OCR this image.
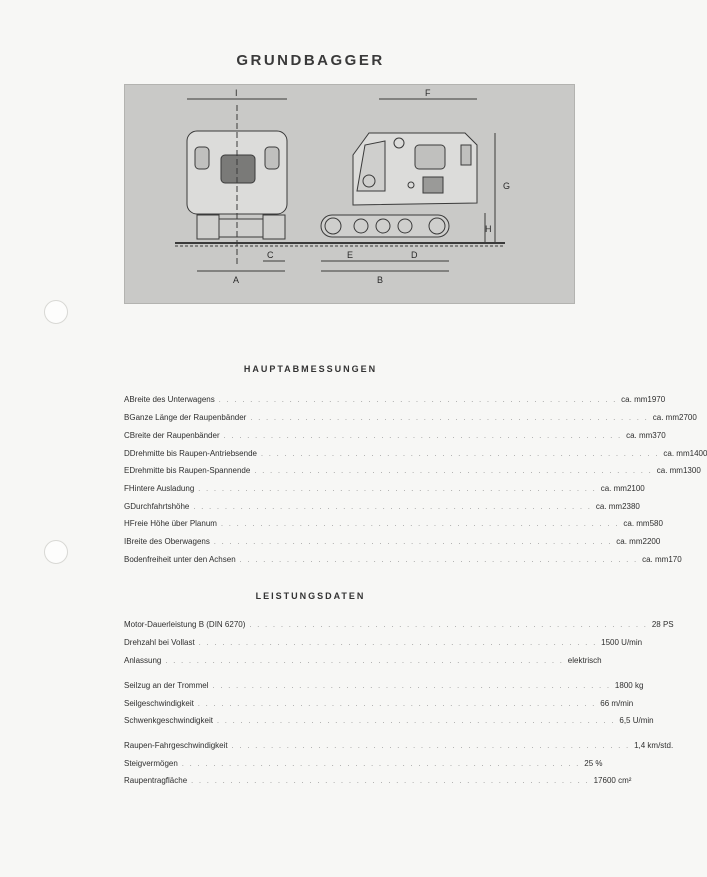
GRUNDBAGGER
I	F
G
H
C	E	D
A	B
HAUPTABMESSUNGEN
A Breite des Unterwagens . . . . . . . . . . . . . . . . . . . . . . . . . . . . . . . . . . . . . . . . . . . . . . . . . . . ca. mm 1970
B Ganze Länge der Raupenbänder . . . . . . . . . . . . . . . . . . . . . . . . . . . . . . . . . . . . . . . . . . . . . . . . . . . ca. mm 2700
C Breite der Raupenbänder . . . . . . . . . . . . . . . . . . . . . . . . . . . . . . . . . . . . . . . . . . . . . . . . . . . ca. mm 370
D Drehmitte bis Raupen-Antriebsende . . . . . . . . . . . . . . . . . . . . . . . . . . . . . . . . . . . . . . . . . . . . . . . . . . . ca. mm 1400
E Drehmitte bis Raupen-Spannende . . . . . . . . . . . . . . . . . . . . . . . . . . . . . . . . . . . . . . . . . . . . . . . . . . . ca. mm 1300
F Hintere Ausladung . . . . . . . . . . . . . . . . . . . . . . . . . . . . . . . . . . . . . . . . . . . . . . . . . . . ca. mm 2100
G Durchfahrtshöhe . . . . . . . . . . . . . . . . . . . . . . . . . . . . . . . . . . . . . . . . . . . . . . . . . . . ca. mm 2380
H Freie Höhe über Planum . . . . . . . . . . . . . . . . . . . . . . . . . . . . . . . . . . . . . . . . . . . . . . . . . . . ca. mm 580
I Breite des Oberwagens . . . . . . . . . . . . . . . . . . . . . . . . . . . . . . . . . . . . . . . . . . . . . . . . . . . ca. mm 2200
Bodenfreiheit unter den Achsen . . . . . . . . . . . . . . . . . . . . . . . . . . . . . . . . . . . . . . . . . . . . . . . . . . . ca. mm 170
LEISTUNGSDATEN
Motor-Dauerleistung B (DIN 6270) . . . . . . . . . . . . . . . . . . . . . . . . . . . . . . . . . . . . . . . . . . . . . . . . . . . 28 PS
Drehzahl bei Vollast . . . . . . . . . . . . . . . . . . . . . . . . . . . . . . . . . . . . . . . . . . . . . . . . . . . 1500 U/min
Anlassung . . . . . . . . . . . . . . . . . . . . . . . . . . . . . . . . . . . . . . . . . . . . . . . . . . . elektrisch
Seilzug an der Trommel . . . . . . . . . . . . . . . . . . . . . . . . . . . . . . . . . . . . . . . . . . . . . . . . . . . 1800 kg
Seilgeschwindigkeit . . . . . . . . . . . . . . . . . . . . . . . . . . . . . . . . . . . . . . . . . . . . . . . . . . . 66 m/min
Schwenkgeschwindigkeit . . . . . . . . . . . . . . . . . . . . . . . . . . . . . . . . . . . . . . . . . . . . . . . . . . . 6,5 U/min
Raupen-Fahrgeschwindigkeit . . . . . . . . . . . . . . . . . . . . . . . . . . . . . . . . . . . . . . . . . . . . . . . . . . . 1,4 km/std.
Steigvermögen . . . . . . . . . . . . . . . . . . . . . . . . . . . . . . . . . . . . . . . . . . . . . . . . . . . 25 %
Raupentragfläche . . . . . . . . . . . . . . . . . . . . . . . . . . . . . . . . . . . . . . . . . . . . . . . . . . . 17600 cm²
